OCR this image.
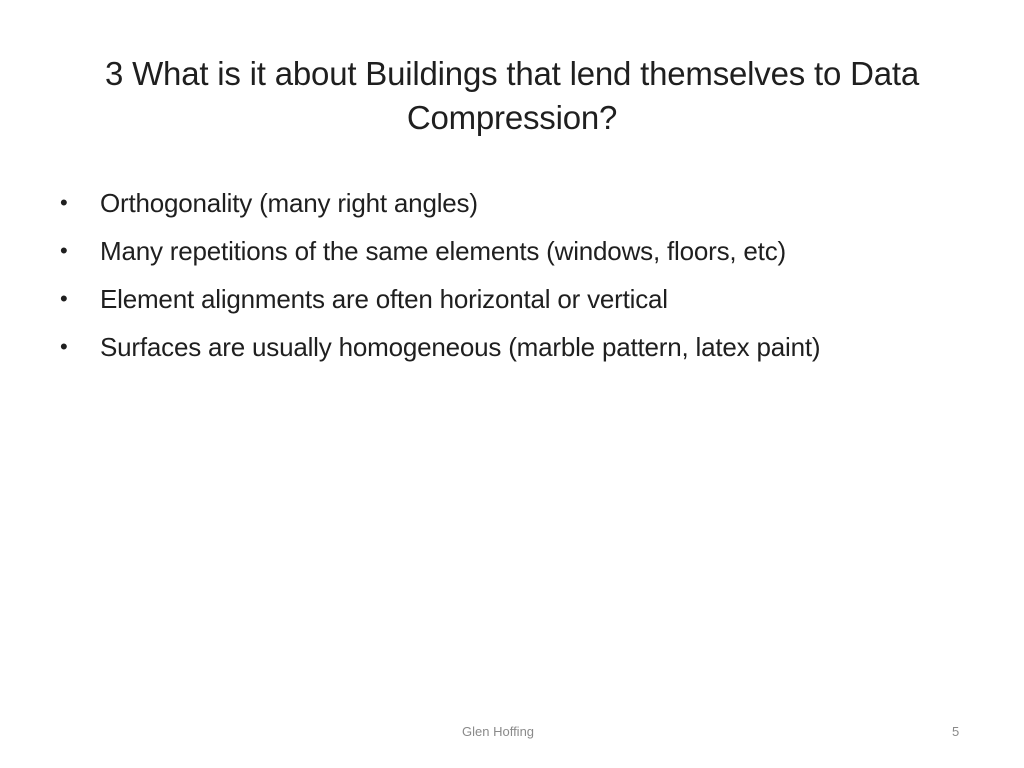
3 What is it about Buildings that lend themselves to Data Compression?
•	Orthogonality (many right angles)
•	Many repetitions of the same elements (windows, floors, etc)
•	Element alignments are often horizontal or vertical
•	Surfaces are usually homogeneous (marble pattern, latex paint)
Glen Hoffing	5
